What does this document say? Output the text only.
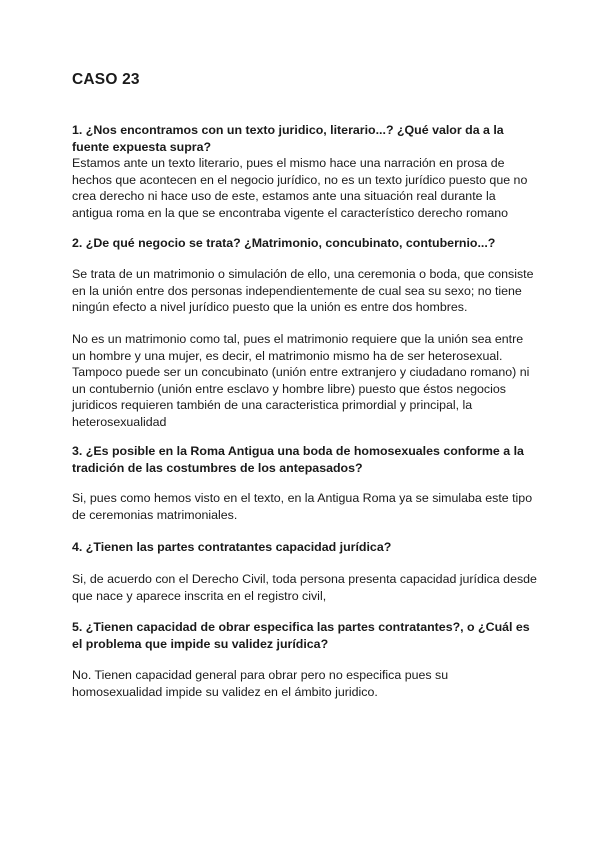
CASO 23
1. ¿Nos encontramos con un texto juridico, literario...? ¿Qué valor da a la
fuente expuesta supra?
Estamos ante un texto literario, pues el mismo hace una narración en prosa de
hechos que acontecen en el negocio jurídico, no es un texto jurídico puesto que no
crea derecho ni hace uso de este, estamos ante una situación real durante la
antigua roma en la que se encontraba vigente el característico derecho romano
2. ¿De qué negocio se trata? ¿Matrimonio, concubinato, contubernio...?
Se trata de un matrimonio o simulación de ello, una ceremonia o boda, que consiste
en la unión entre dos personas independientemente de cual sea su sexo; no tiene
ningún efecto a nivel jurídico puesto que la unión es entre dos hombres.
No es un matrimonio como tal, pues el matrimonio requiere que la unión sea entre
un hombre y una mujer, es decir, el matrimonio mismo ha de ser heterosexual.
Tampoco puede ser un concubinato (unión entre extranjero y ciudadano romano) ni
un contubernio (unión entre esclavo y hombre libre) puesto que éstos negocios
juridicos requieren también de una caracteristica primordial y principal, la
heterosexualidad
3. ¿Es posible en la Roma Antigua una boda de homosexuales conforme a la
tradición de las costumbres de los antepasados?
Si, pues como hemos visto en el texto, en la Antigua Roma ya se simulaba este tipo
de ceremonias matrimoniales.
4. ¿Tienen las partes contratantes capacidad jurídica?
Si, de acuerdo con el Derecho Civil, toda persona presenta capacidad jurídica desde
que nace y aparece inscrita en el registro civil,
5. ¿Tienen capacidad de obrar especifica las partes contratantes?, o ¿Cuál es
el problema que impide su validez jurídica?
No. Tienen capacidad general para obrar pero no especifica pues su
homosexualidad impide su validez en el ámbito juridico.
